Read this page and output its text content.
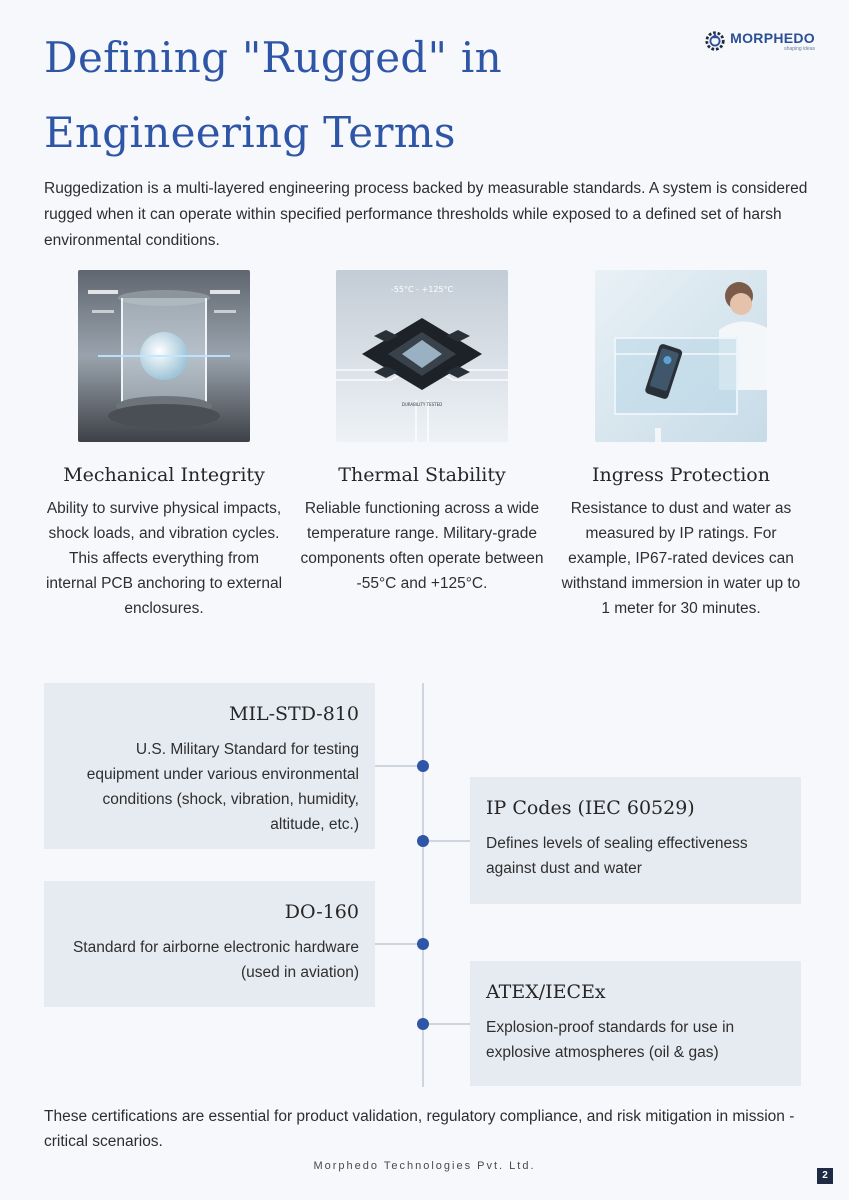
Defining "Rugged" in Engineering Terms
MORPHEDO
shaping ideas

Ruggedization is a multi-layered engineering process backed by measurable standards. A system is considered rugged when it can operate within specified performance thresholds while exposed to a defined set of harsh environmental conditions.

Mechanical Integrity

Ability to survive physical impacts, shock loads, and vibration cycles. This affects everything from internal PCB anchoring to external enclosures.

-55°C - +125°C
DURABILITY TESTED
Thermal Stability

Reliable functioning across a wide temperature range. Military-grade components often operate between -55°C and +125°C.

Ingress Protection

Resistance to dust and water as measured by IP ratings. For example, IP67-rated devices can withstand immersion in water up to 1 meter for 30 minutes.

MIL-STD-810

U.S. Military Standard for testing equipment under various environmental conditions (shock, vibration, humidity, altitude, etc.)

IP Codes (IEC 60529)

Defines levels of sealing effectiveness against dust and water

DO-160

Standard for airborne electronic hardware (used in aviation)

ATEX/IECEx

Explosion-proof standards for use in explosive atmospheres (oil & gas)

These certifications are essential for product validation, regulatory compliance, and risk mitigation in mission - critical scenarios.

Morphedo Technologies Pvt. Ltd.
2
